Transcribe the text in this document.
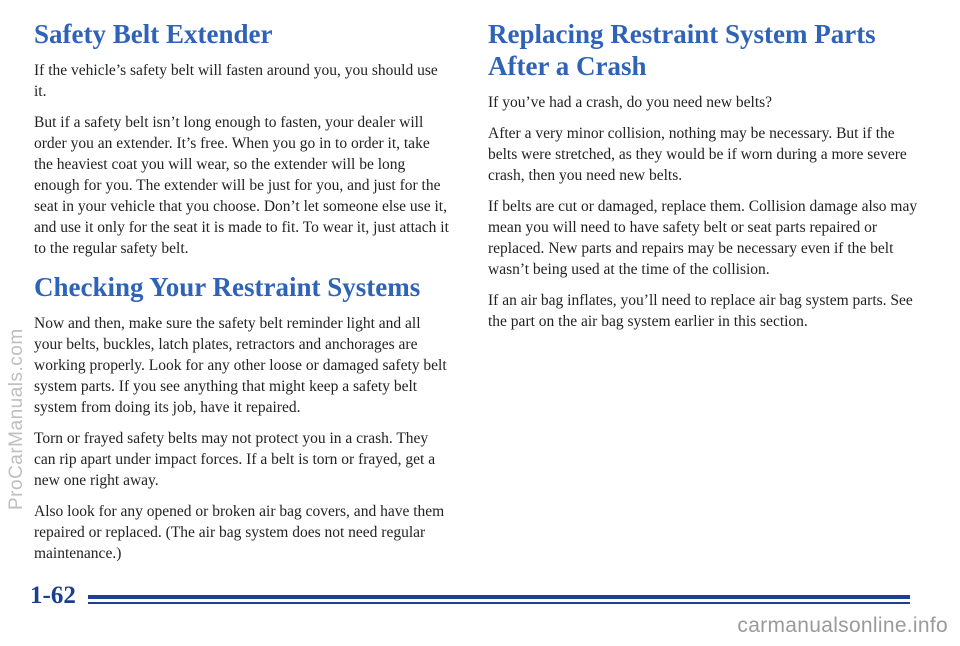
Safety Belt Extender

If the vehicle’s safety belt will fasten around you, you should use it.

But if a safety belt isn’t long enough to fasten, your dealer will order you an extender. It’s free. When you go in to order it, take the heaviest coat you will wear, so the extender will be long enough for you. The extender will be just for you, and just for the seat in your vehicle that you choose. Don’t let someone else use it, and use it only for the seat it is made to fit. To wear it, just attach it to the regular safety belt.

Checking Your Restraint Systems

Now and then, make sure the safety belt reminder light and all your belts, buckles, latch plates, retractors and anchorages are working properly. Look for any other loose or damaged safety belt system parts. If you see anything that might keep a safety belt system from doing its job, have it repaired.

Torn or frayed safety belts may not protect you in a crash. They can rip apart under impact forces. If a belt is torn or frayed, get a new one right away.

Also look for any opened or broken air bag covers, and have them repaired or replaced. (The air bag system does not need regular maintenance.)

Replacing Restraint System Parts After a Crash

If you’ve had a crash, do you need new belts?

After a very minor collision, nothing may be necessary. But if the belts were stretched, as they would be if worn during a more severe crash, then you need new belts.

If belts are cut or damaged, replace them. Collision damage also may mean you will need to have safety belt or seat parts repaired or replaced. New parts and repairs may be necessary even if the belt wasn’t being used at the time of the collision.

If an air bag inflates, you’ll need to replace air bag system parts. See the part on the air bag system earlier in this section.

1-62
ProCarManuals.com
carmanualsonline.info
